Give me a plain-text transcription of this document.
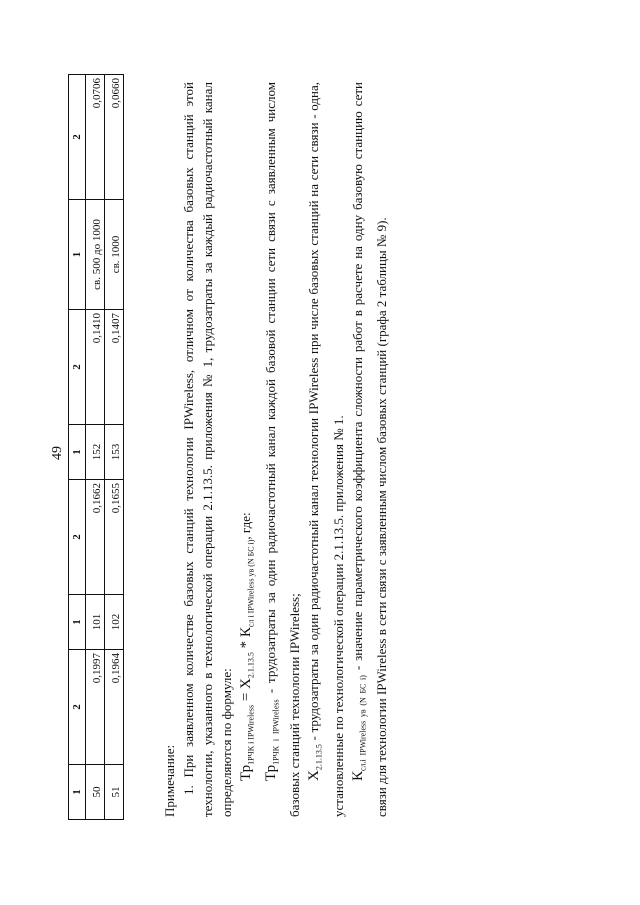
49
1	2	1	2	1	2	1	2
50	0,1997	101	0,1662	152	0,1410	св. 500 до 1000	0,0706
51	0,1964	102	0,1655	153	0,1407	св. 1000	0,0660

Примечание: 1. При заявленном количестве базовых станций технологии IPWireless, отличном от количества базовых станций этой технологии, указанного в технологической операции 2.1.13.5. приложения № 1, трудозатраты за каждый радиочастотный канал определяются по формуле: $Тр_{1РЧК i IPWireless} = X_{2.1.13.5} * К_{сл i IPWireless ув (N БС i)}$, где:

$Тр_{1РЧК i IPWireless}$ - трудозатраты за один радиочастотный канал каждой базовой станции сети связи с заявленным числом базовых станций технологии IPWireless; $X_{2.1.13.5}$ - трудозатраты за один радиочастотный канал технологии IPWireless при числе базовых станций на сети связи - одна, установленные по технологической операции 2.1.13.5. приложения № 1. $К_{сл.i IPWireless ув (N БС i)}$ - значение параметрического коэффициента сложности работ в расчете на одну базовую станцию сети связи для технологии IPWireless в сети связи с заявленным числом базовых станций (графа 2 таблицы № 9).
